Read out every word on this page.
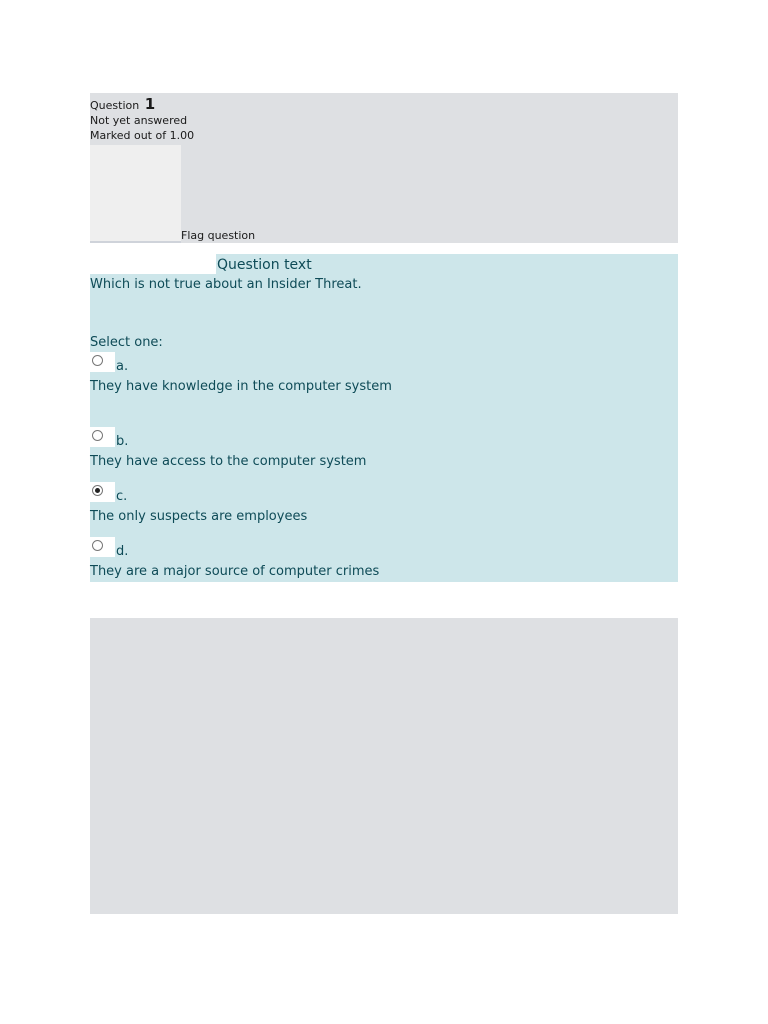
Question 1
Not yet answered
Marked out of 1.00
Flag question
Question text
Which is not true about an Insider Threat.
Select one:
a.
They have knowledge in the computer system
b.
They have access to the computer system
c.
The only suspects are employees
d.
They are a major source of computer crimes
